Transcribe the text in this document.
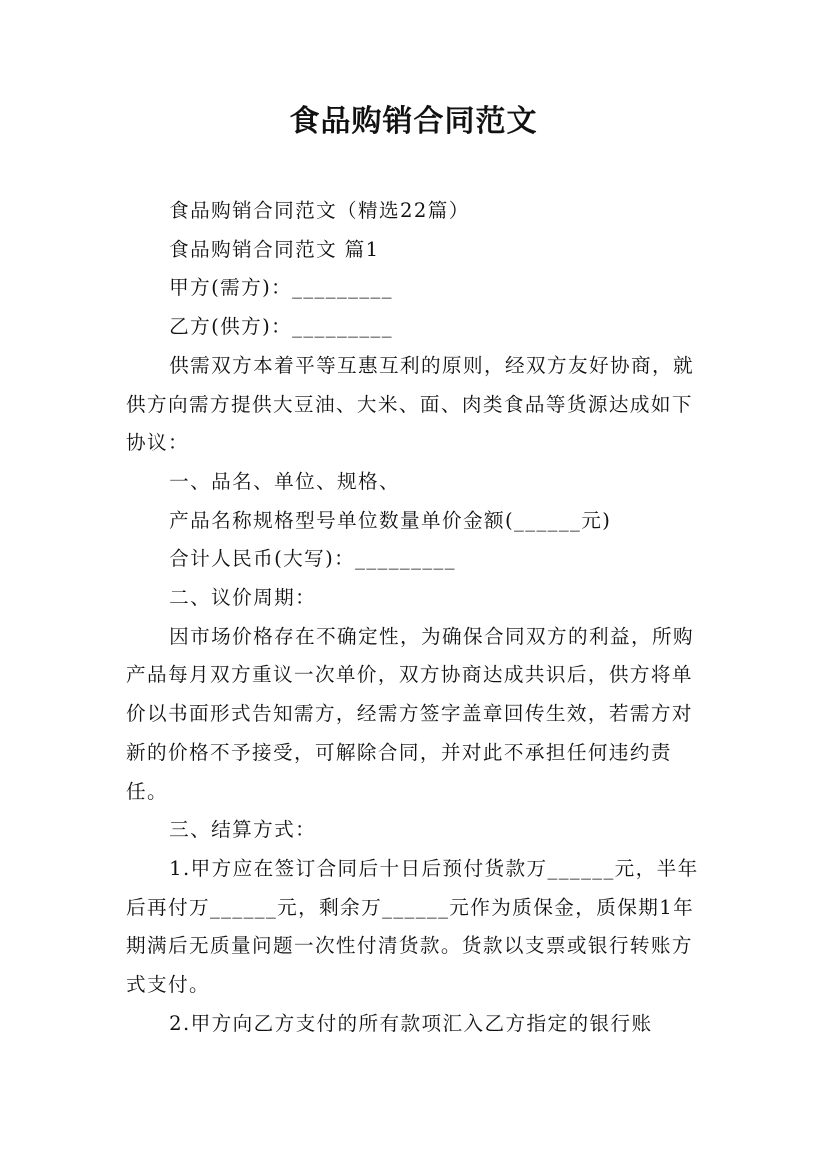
食品购销合同范文

食品购销合同范文（精选22篇）

食品购销合同范文 篇1

甲方(需方)：_________

乙方(供方)：_________

供需双方本着平等互惠互利的原则，经双方友好协商，就供方向需方提供大豆油、大米、面、肉类食品等货源达成如下协议：

一、品名、单位、规格、

产品名称规格型号单位数量单价金额(______元)

合计人民币(大写)：_________

二、议价周期：

因市场价格存在不确定性，为确保合同双方的利益，所购产品每月双方重议一次单价，双方协商达成共识后，供方将单价以书面形式告知需方，经需方签字盖章回传生效，若需方对新的价格不予接受，可解除合同，并对此不承担任何违约责任。

三、结算方式：

1.甲方应在签订合同后十日后预付货款万______元，半年后再付万______元，剩余万______元作为质保金，质保期1年期满后无质量问题一次性付清货款。货款以支票或银行转账方式支付。

2.甲方向乙方支付的所有款项汇入乙方指定的银行账
